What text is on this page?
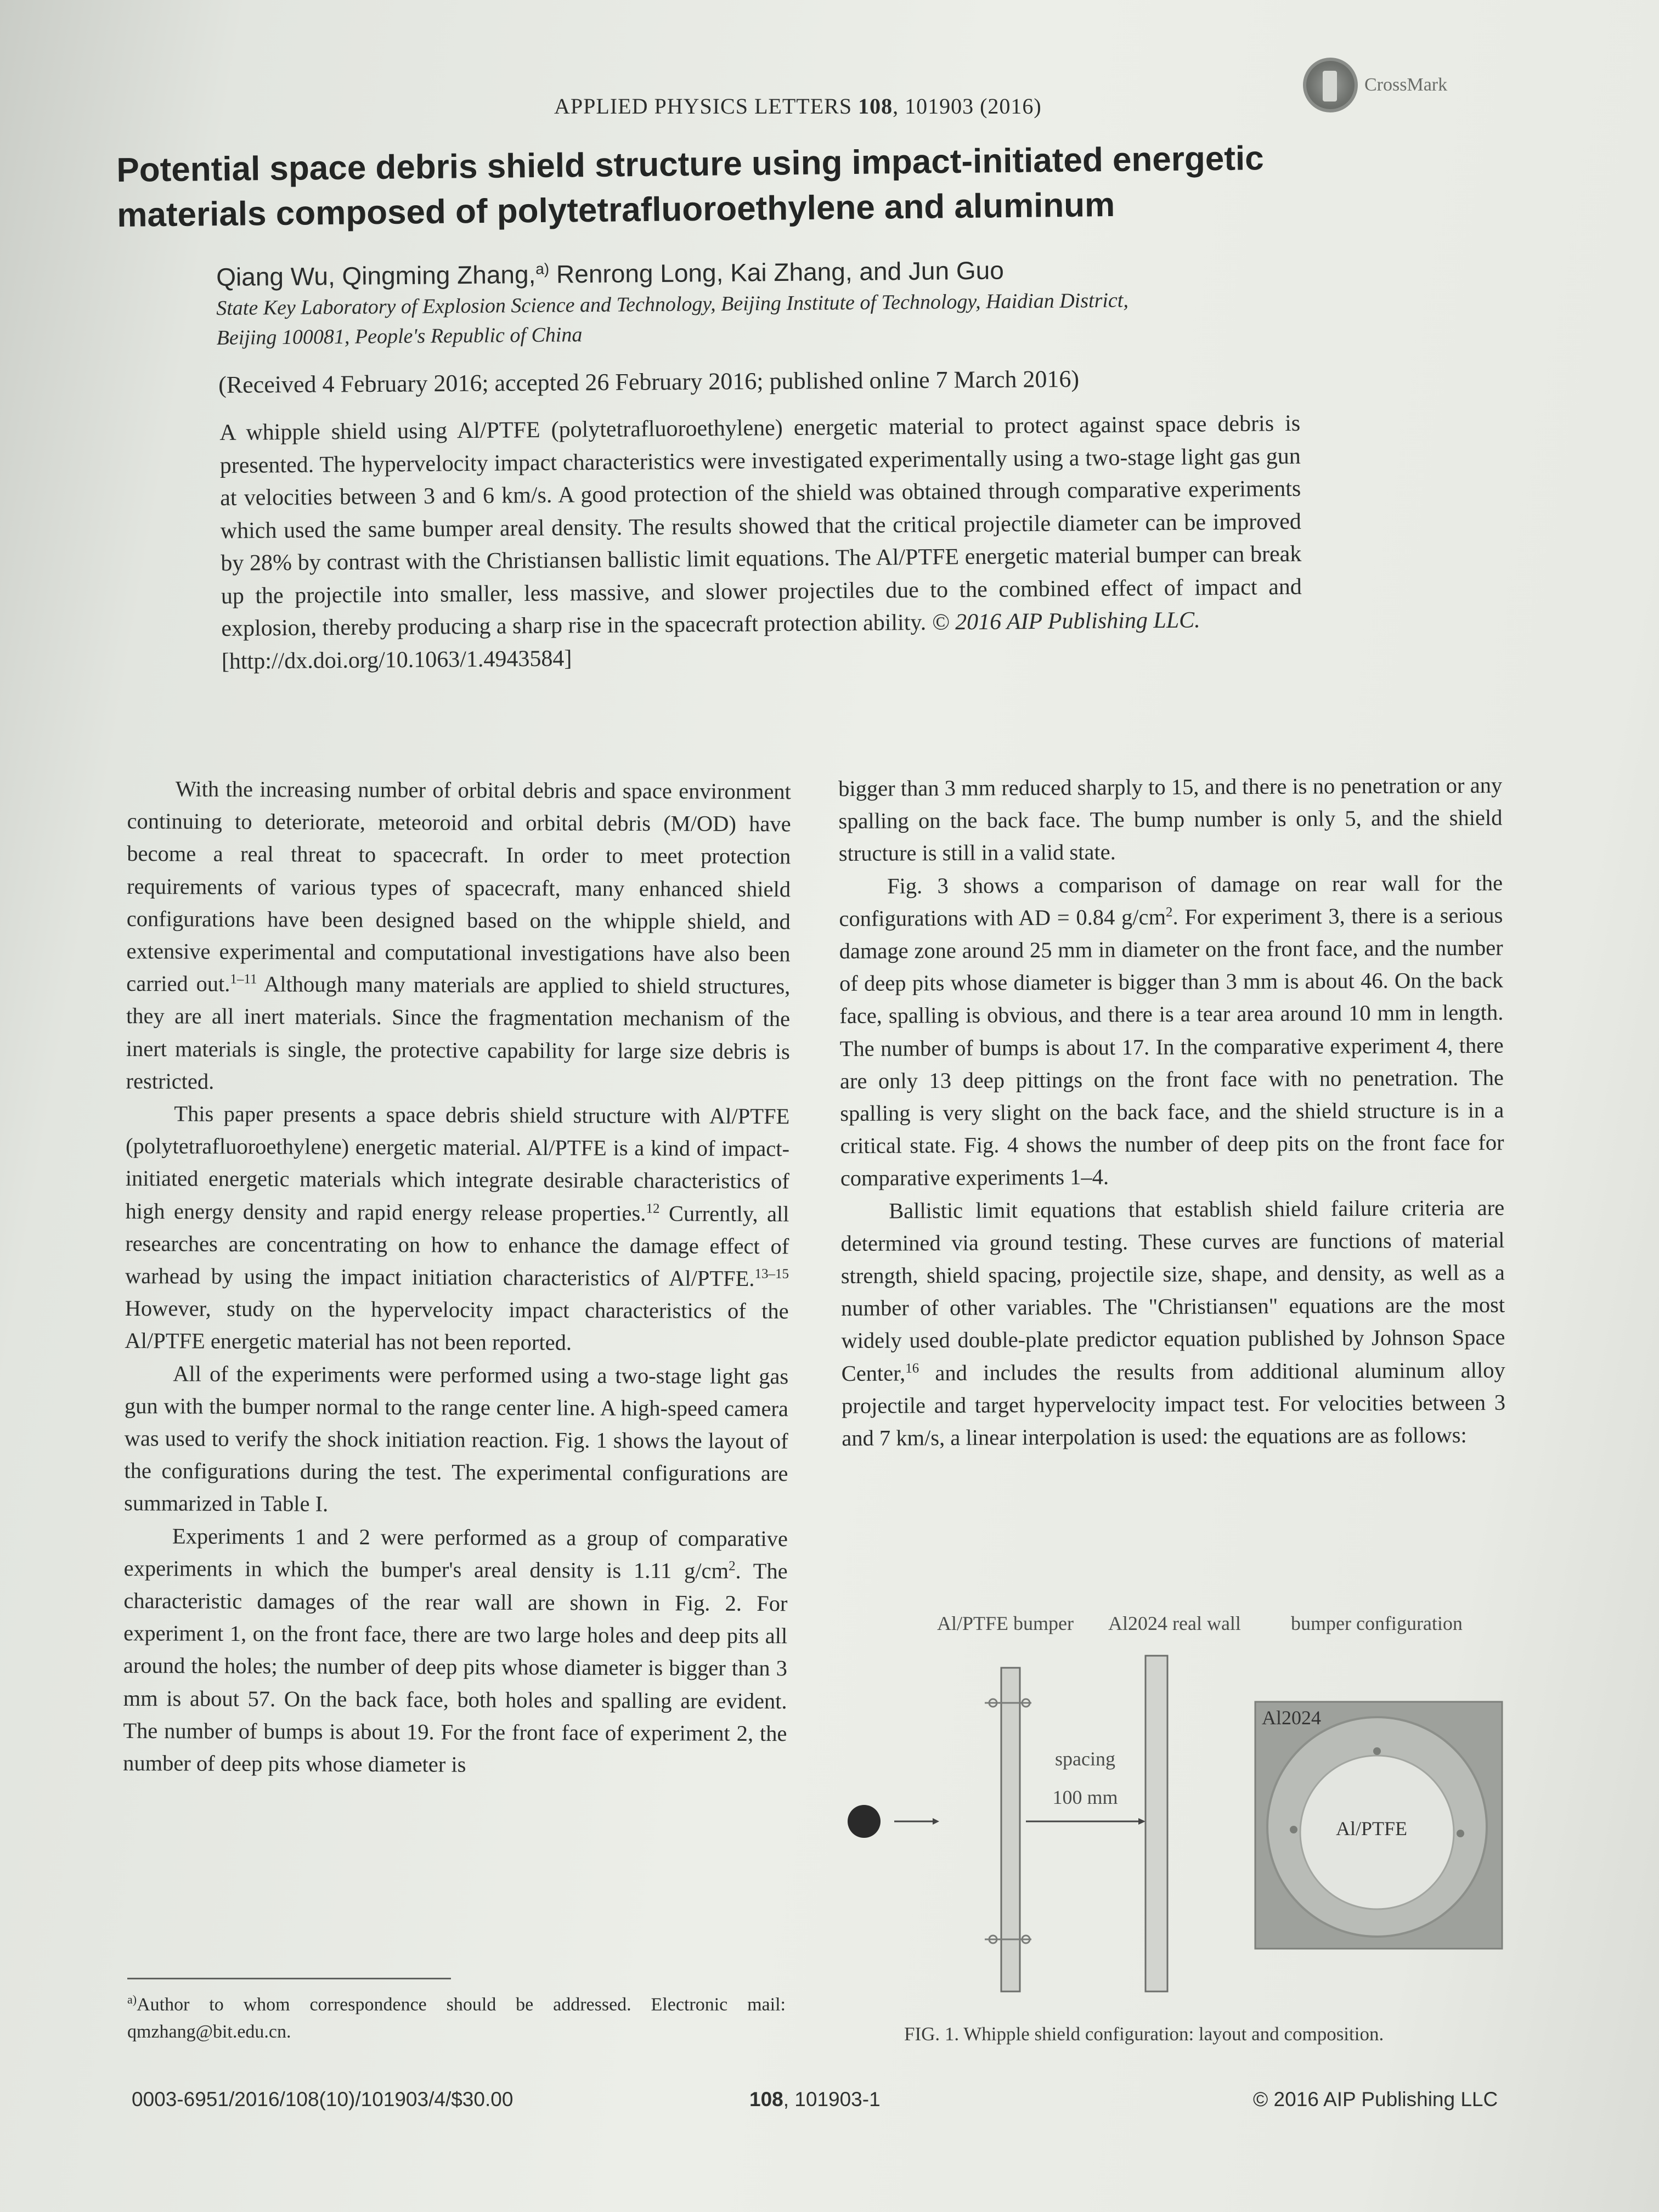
CrossMark
APPLIED PHYSICS LETTERS 108, 101903 (2016)
Potential space debris shield structure using impact-initiated energetic
materials composed of polytetrafluoroethylene and aluminum
Qiang Wu, Qingming Zhang,$^{a)}$ Renrong Long, Kai Zhang, and Jun Guo
State Key Laboratory of Explosion Science and Technology, Beijing Institute of Technology, Haidian District,
Beijing 100081, People's Republic of China
(Received 4 February 2016; accepted 26 February 2016; published online 7 March 2016)
A whipple shield using Al/PTFE (polytetrafluoroethylene) energetic material to protect against space debris is presented. The hypervelocity impact characteristics were investigated experimentally using a two-stage light gas gun at velocities between 3 and 6 km/s. A good protection of the shield was obtained through comparative experiments which used the same bumper areal density. The results showed that the critical projectile diameter can be improved by 28% by contrast with the Christiansen ballistic limit equations. The Al/PTFE energetic material bumper can break up the projectile into smaller, less massive, and slower projectiles due to the combined effect of impact and explosion, thereby producing a sharp rise in the spacecraft protection ability. © 2016 AIP Publishing LLC.
[http://dx.doi.org/10.1063/1.4943584]

With the increasing number of orbital debris and space environment continuing to deteriorate, meteoroid and orbital debris (M/OD) have become a real threat to spacecraft. In order to meet protection requirements of various types of spacecraft, many enhanced shield configurations have been designed based on the whipple shield, and extensive experimental and computational investigations have also been carried out.$^{1-11}$ Although many materials are applied to shield structures, they are all inert materials. Since the fragmentation mechanism of the inert materials is single, the protective capability for large size debris is restricted.

This paper presents a space debris shield structure with Al/PTFE (polytetrafluoroethylene) energetic material. Al/PTFE is a kind of impact-initiated energetic materials which integrate desirable characteristics of high energy density and rapid energy release properties.$^{12}$ Currently, all researches are concentrating on how to enhance the damage effect of warhead by using the impact initiation characteristics of Al/PTFE.$^{13-15}$ However, study on the hypervelocity impact characteristics of the Al/PTFE energetic material has not been reported.

All of the experiments were performed using a two-stage light gas gun with the bumper normal to the range center line. A high-speed camera was used to verify the shock initiation reaction. Fig. 1 shows the layout of the configurations during the test. The experimental configurations are summarized in Table I.

Experiments 1 and 2 were performed as a group of comparative experiments in which the bumper's areal density is 1.11 $g/cm^2$. The characteristic damages of the rear wall are shown in Fig. 2. For experiment 1, on the front face, there are two large holes and deep pits all around the holes; the number of deep pits whose diameter is bigger than 3 mm is about 57. On the back face, both holes and spalling are evident. The number of bumps is about 19. For the front face of experiment 2, the number of deep pits whose diameter is

bigger than 3 mm reduced sharply to 15, and there is no penetration or any spalling on the back face. The bump number is only 5, and the shield structure is still in a valid state.

Fig. 3 shows a comparison of damage on rear wall for the configurations with AD = 0.84 $g/cm^2$. For experiment 3, there is a serious damage zone around 25 mm in diameter on the front face, and the number of deep pits whose diameter is bigger than 3 mm is about 46. On the back face, spalling is obvious, and there is a tear area around 10 mm in length. The number of bumps is about 17. In the comparative experiment 4, there are only 13 deep pittings on the front face with no penetration. The spalling is very slight on the back face, and the shield structure is in a critical state. Fig. 4 shows the number of deep pits on the front face for comparative experiments 1–4.

Ballistic limit equations that establish shield failure criteria are determined via ground testing. These curves are functions of material strength, shield spacing, projectile size, shape, and density, as well as a number of other variables. The "Christiansen" equations are the most widely used double-plate predictor equation published by Johnson Space Center,$^{16}$ and includes the results from additional aluminum alloy projectile and target hypervelocity impact test. For velocities between 3 and 7 km/s, a linear interpolation is used: the equations are as follows:

Al/PTFE bumper Al2024 real wall	bumper configuration
spacing
100 mm
Al2024
Al/PTFE
FIG. 1. Whipple shield configuration: layout and composition.
$^{a)}$Author to whom correspondence should be addressed. Electronic mail: qmzhang@bit.edu.cn.
0003-6951/2016/108(10)/101903/4/$30.00	108, 101903-1	© 2016 AIP Publishing LLC
